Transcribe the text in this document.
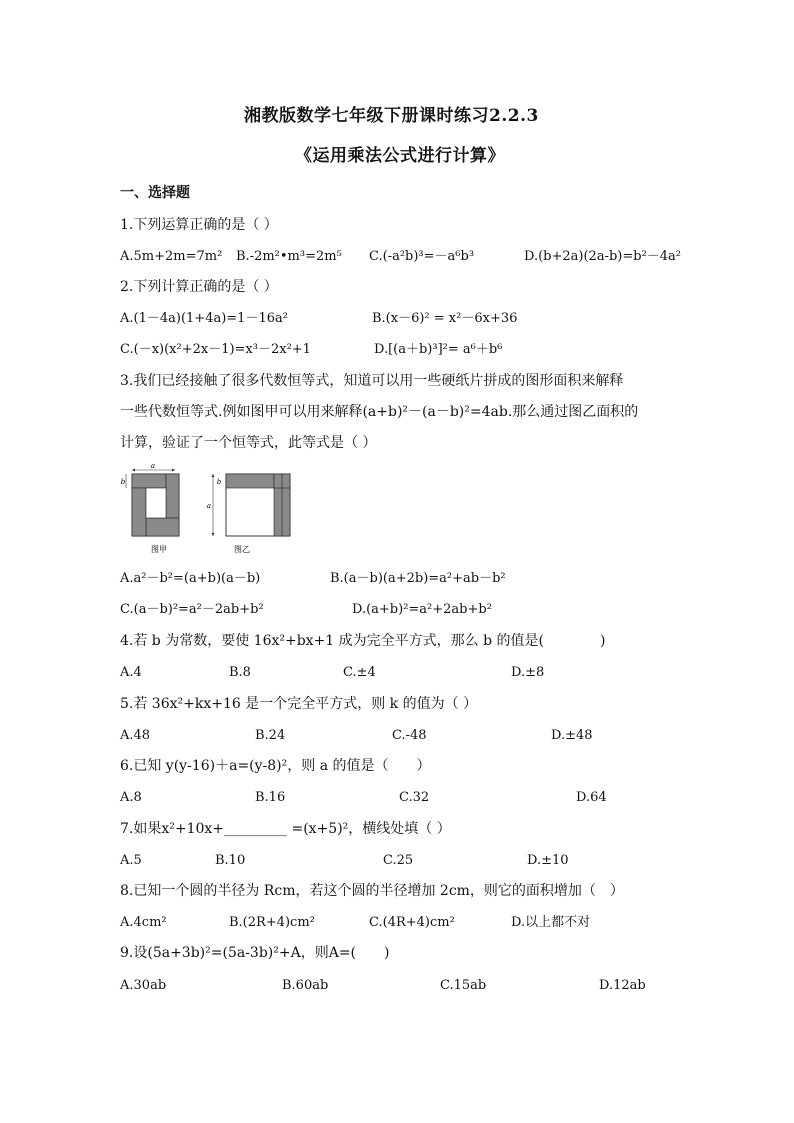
湘教版数学七年级下册课时练习2.2.3
《运用乘法公式进行计算》
一、选择题
1.下列运算正确的是（ ）
A.5m+2m=7m² B.-2m²•m³=2m⁵ C.(-a²b)³=－a⁶b³	D.(b+2a)(2a-b)=b²－4a²
2.下列计算正确的是（ ）
A.(1－4a)(1+4a)=1－16a²	B.(x－6)² = x²－6x+36
C.(－x)(x²+2x－1)=x³－2x²+1	D.[(a＋b)³]²= a⁶＋b⁶
3.我们已经接触了很多代数恒等式，知道可以用一些硬纸片拼成的图形面积来解释
一些代数恒等式.例如图甲可以用来解释(a+b)²－(a－b)²=4ab.那么通过图乙面积的
计算，验证了一个恒等式，此等式是（ ）
a
b
图甲
a
b
图乙
A.a²－b²=(a+b)(a－b)	B.(a－b)(a+2b)=a²+ab－b²
C.(a－b)²=a²－2ab+b²	D.(a+b)²=a²+2ab+b²
4.若 b 为常数，要使 16x²+bx+1 成为完全平方式，那么 b 的值是(　　　　)
A.4	B.8	C.±4	D.±8
5.若 36x²+kx+16 是一个完全平方式，则 k 的值为（ ）
A.48	B.24	C.-48	D.±48
6.已知 y(y-16)＋a=(y-8)²，则 a 的值是（　　）
A.8	B.16	C.32	D.64
7.如果x²+10x+_________ =(x+5)²，横线处填（ ）
A.5	B.10	C.25	D.±10
8.已知一个圆的半径为 Rcm，若这个圆的半径增加 2cm，则它的面积增加（　）
A.4cm²	B.(2R+4)cm²	C.(4R+4)cm²	D.以上都不对
9.设(5a+3b)²=(5a-3b)²+A，则A=(　　)
A.30ab	B.60ab	C.15ab	D.12ab
